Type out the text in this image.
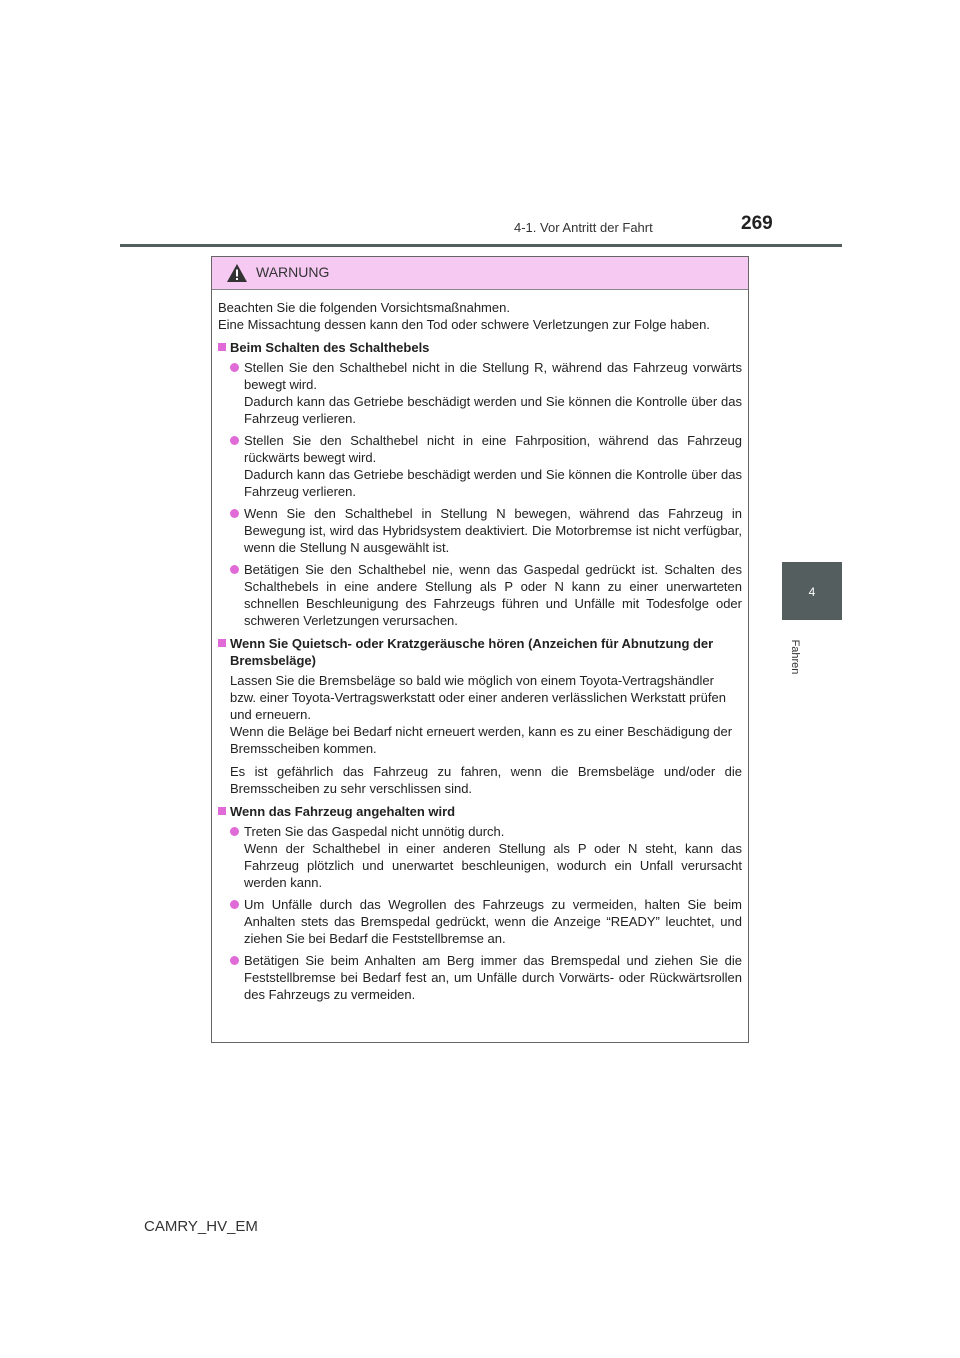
4-1. Vor Antritt der Fahrt	269
4
Fahren
WARNUNG

Beachten Sie die folgenden Vorsichtsmaßnahmen.
Eine Missachtung dessen kann den Tod oder schwere Verletzungen zur Folge haben.

Beim Schalten des Schalthebels
Stellen Sie den Schalthebel nicht in die Stellung R, während das Fahrzeug vorwärts bewegt wird.
Dadurch kann das Getriebe beschädigt werden und Sie können die Kontrolle über das Fahrzeug verlieren.
Stellen Sie den Schalthebel nicht in eine Fahrposition, während das Fahrzeug rückwärts bewegt wird.
Dadurch kann das Getriebe beschädigt werden und Sie können die Kontrolle über das Fahrzeug verlieren.
Wenn Sie den Schalthebel in Stellung N bewegen, während das Fahrzeug in Bewegung ist, wird das Hybridsystem deaktiviert. Die Motorbremse ist nicht verfügbar, wenn die Stellung N ausgewählt ist.
Betätigen Sie den Schalthebel nie, wenn das Gaspedal gedrückt ist. Schalten des Schalthebels in eine andere Stellung als P oder N kann zu einer unerwarteten schnellen Beschleunigung des Fahrzeugs führen und Unfälle mit Todesfolge oder schweren Verletzungen verursachen.
Wenn Sie Quietsch- oder Kratzgeräusche hören (Anzeichen für Abnutzung der Bremsbeläge)
Lassen Sie die Bremsbeläge so bald wie möglich von einem Toyota-Vertragshändler bzw. einer Toyota-Vertragswerkstatt oder einer anderen verlässlichen Werkstatt prüfen und erneuern.
Wenn die Beläge bei Bedarf nicht erneuert werden, kann es zu einer Beschädigung der Bremsscheiben kommen.
Es ist gefährlich das Fahrzeug zu fahren, wenn die Bremsbeläge und/oder die Bremsscheiben zu sehr verschlissen sind.
Wenn das Fahrzeug angehalten wird
Treten Sie das Gaspedal nicht unnötig durch.
Wenn der Schalthebel in einer anderen Stellung als P oder N steht, kann das Fahrzeug plötzlich und unerwartet beschleunigen, wodurch ein Unfall verursacht werden kann.
Um Unfälle durch das Wegrollen des Fahrzeugs zu vermeiden, halten Sie beim Anhalten stets das Bremspedal gedrückt, wenn die Anzeige “READY” leuchtet, und ziehen Sie bei Bedarf die Feststellbremse an.
Betätigen Sie beim Anhalten am Berg immer das Bremspedal und ziehen Sie die Feststellbremse bei Bedarf fest an, um Unfälle durch Vorwärts- oder Rückwärtsrollen des Fahrzeugs zu vermeiden.
CAMRY_HV_EM
